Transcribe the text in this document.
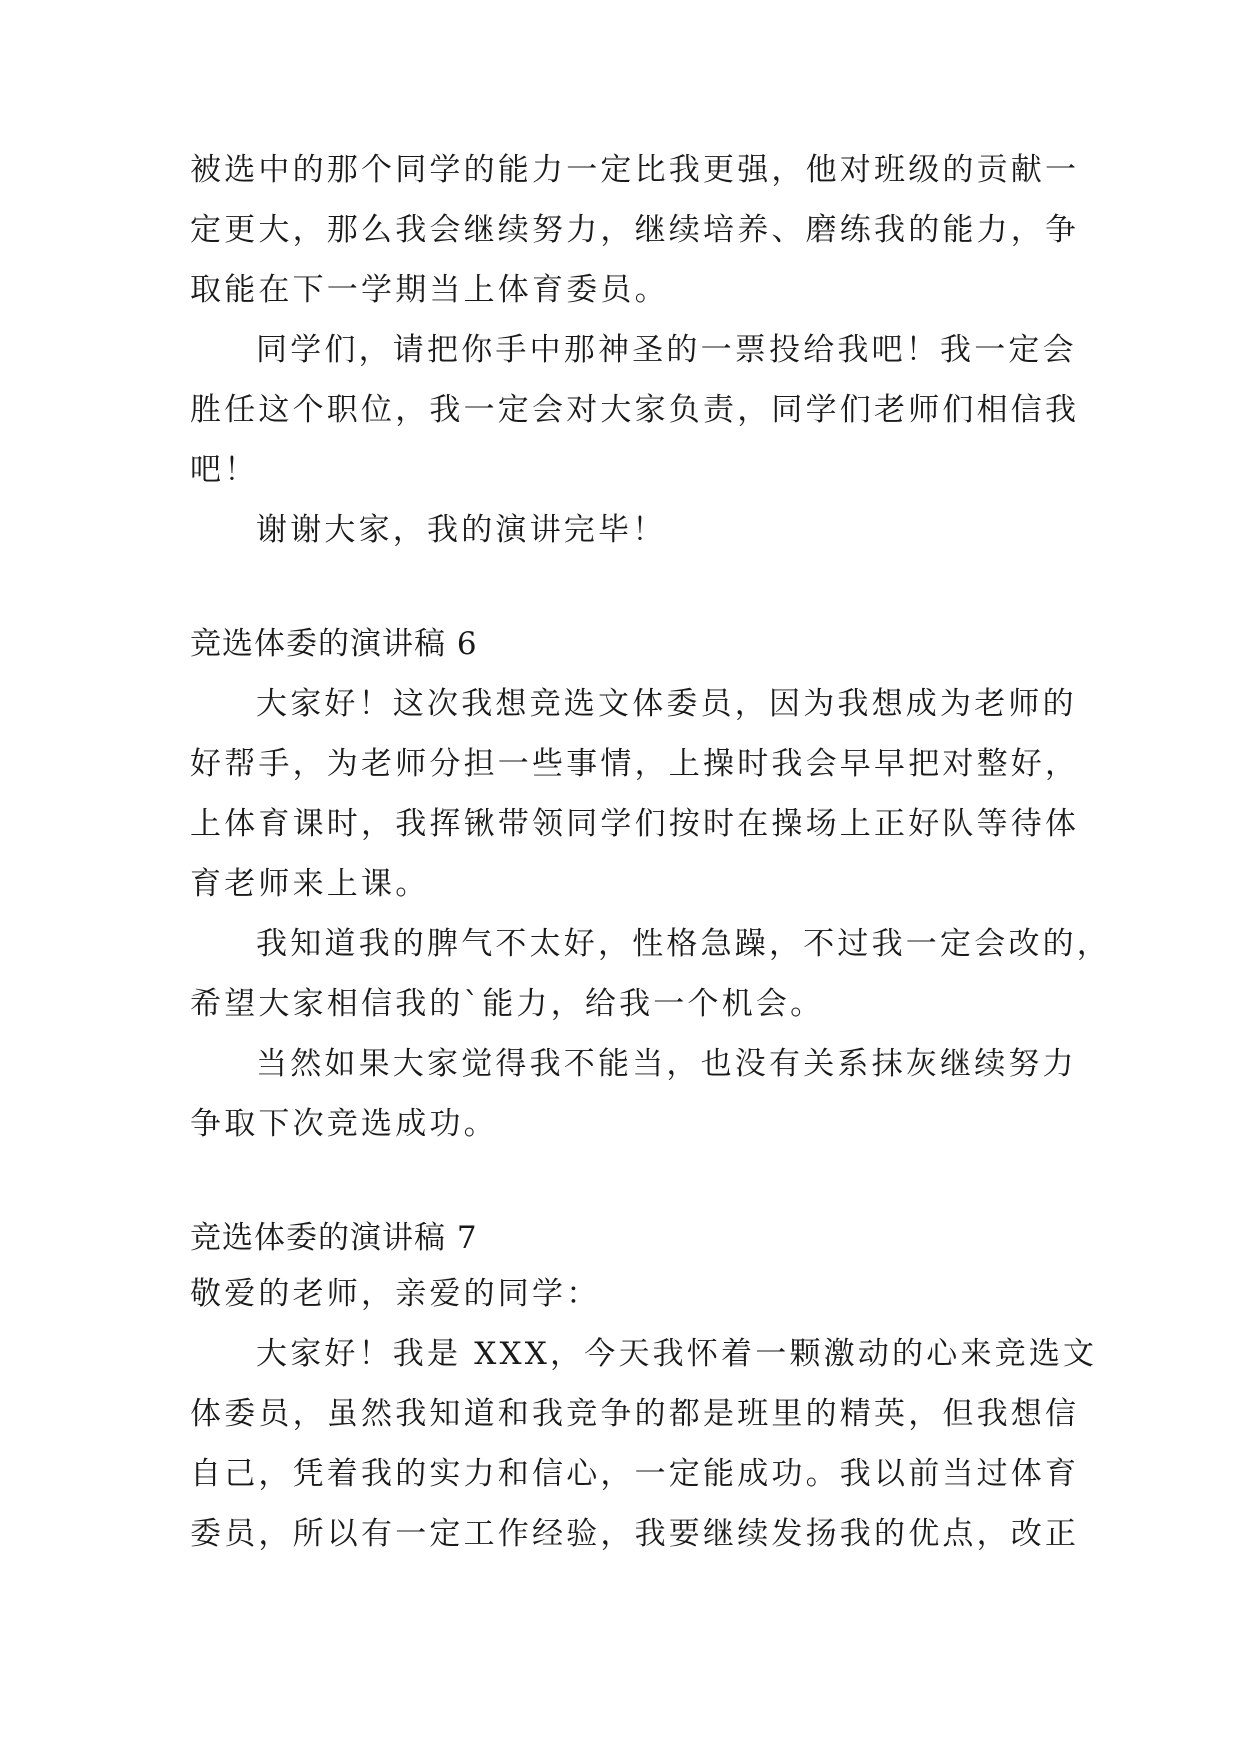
被选中的那个同学的能力一定比我更强，他对班级的贡献一
定更大，那么我会继续努力，继续培养、磨练我的能力，争
取能在下一学期当上体育委员。
同学们，请把你手中那神圣的一票投给我吧！我一定会
胜任这个职位，我一定会对大家负责，同学们老师们相信我
吧！
谢谢大家，我的演讲完毕！
竞选体委的演讲稿 6
大家好！这次我想竞选文体委员，因为我想成为老师的
好帮手，为老师分担一些事情，上操时我会早早把对整好，
上体育课时，我挥锹带领同学们按时在操场上正好队等待体
育老师来上课。
我知道我的脾气不太好，性格急躁，不过我一定会改的，
希望大家相信我的`能力，给我一个机会。
当然如果大家觉得我不能当，也没有关系抹灰继续努力
争取下次竞选成功。
竞选体委的演讲稿 7
敬爱的老师，亲爱的同学：
大家好！我是 XXX，今天我怀着一颗激动的心来竞选文
体委员，虽然我知道和我竞争的都是班里的精英，但我想信
自己，凭着我的实力和信心，一定能成功。我以前当过体育
委员，所以有一定工作经验，我要继续发扬我的优点，改正
